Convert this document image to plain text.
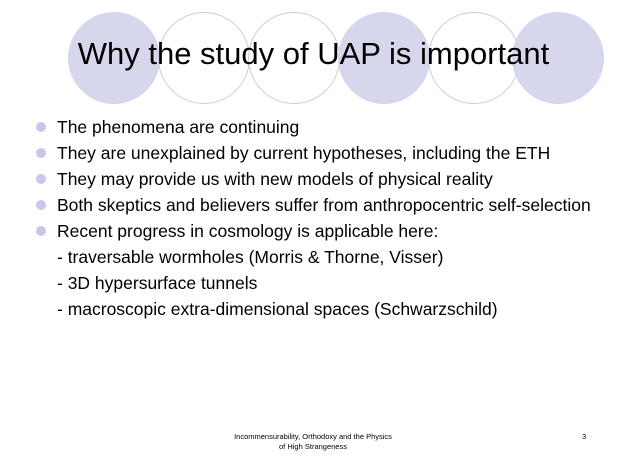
Why the study of UAP is important
The phenomena are continuing
They are unexplained by current hypotheses, including the ETH
They may provide us with new models of physical reality
Both skeptics and believers suffer from anthropocentric self-selection
Recent progress in cosmology is applicable here:
- traversable wormholes (Morris & Thorne, Visser)
- 3D hypersurface tunnels
- macroscopic extra-dimensional spaces (Schwarzschild)
Incommensurability, Orthodoxy and the Physics
of High Strangeness
3
